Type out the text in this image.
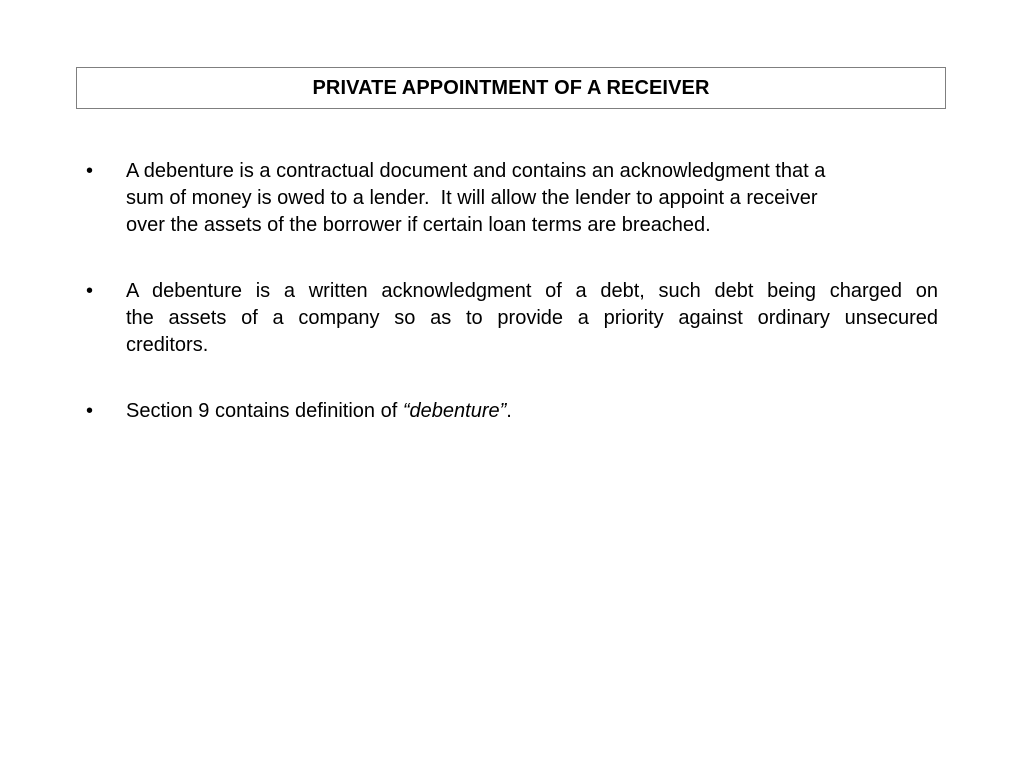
PRIVATE APPOINTMENT OF A RECEIVER
•	A debenture is a contractual document and contains an acknowledgment that a
sum of money is owed to a lender.  It will allow the lender to appoint a receiver
over the assets of the borrower if certain loan terms are breached.
•	A debenture is a written acknowledgment of a debt, such debt being charged on
the assets of a company so as to provide a priority against ordinary unsecured
creditors.
•	Section 9 contains definition of “debenture”.
